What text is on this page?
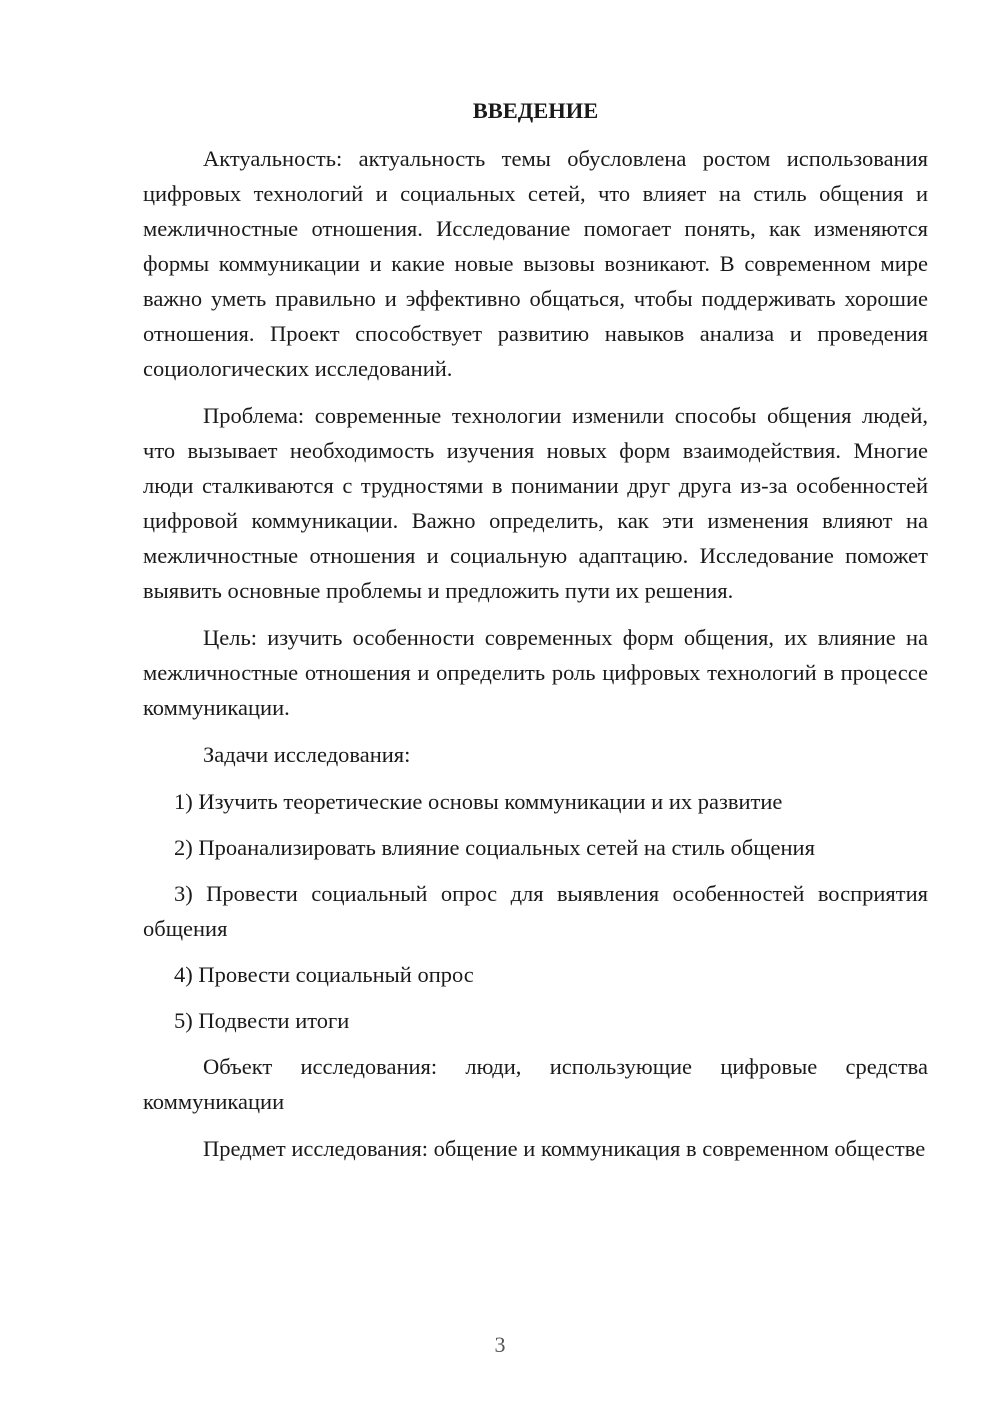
ВВЕДЕНИЕ

Актуальность: актуальность темы обусловлена ростом использования цифровых технологий и социальных сетей, что влияет на стиль общения и межличностные отношения. Исследование помогает понять, как изменяются формы коммуникации и какие новые вызовы возникают. В современном мире важно уметь правильно и эффективно общаться, чтобы поддерживать хорошие отношения. Проект способствует развитию навыков анализа и проведения социологических исследований.

Проблема: современные технологии изменили способы общения людей, что вызывает необходимость изучения новых форм взаимодействия. Многие люди сталкиваются с трудностями в понимании друг друга из-за особенностей цифровой коммуникации. Важно определить, как эти изменения влияют на межличностные отношения и социальную адаптацию. Исследование поможет выявить основные проблемы и предложить пути их решения.

Цель: изучить особенности современных форм общения, их влияние на межличностные отношения и определить роль цифровых технологий в процессе коммуникации.

Задачи исследования:

1) Изучить теоретические основы коммуникации и их развитие

2) Проанализировать влияние социальных сетей на стиль общения

3) Провести социальный опрос для выявления особенностей восприятия общения

4) Провести социальный опрос

5) Подвести итоги

Объект исследования: люди, использующие цифровые средства коммуникации

Предмет исследования: общение и коммуникация в современном обществе

3
